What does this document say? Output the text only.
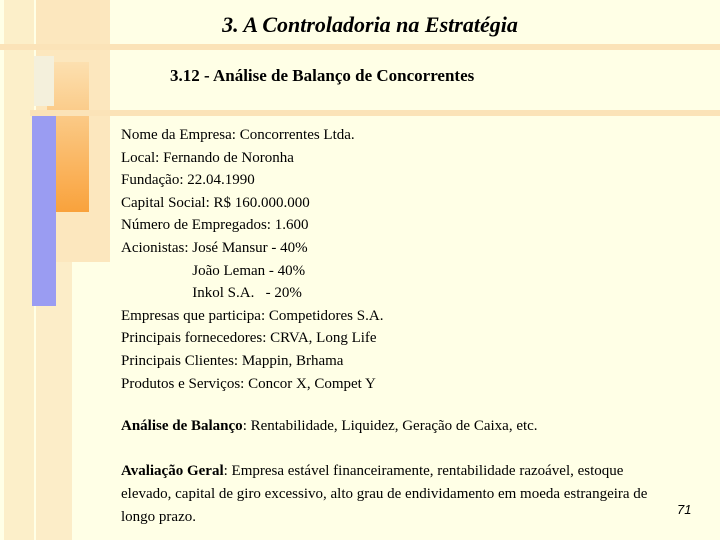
3. A Controladoria na Estratégia
3.12 - Análise de Balanço de Concorrentes
Nome da Empresa: Concorrentes Ltda.
Local: Fernando de Noronha
Fundação: 22.04.1990
Capital Social: R$ 160.000.000
Número de Empregados: 1.600
Acionistas: José Mansur - 40%
João Leman - 40%
Inkol S.A.   - 20%
Empresas que participa: Competidores S.A.
Principais fornecedores: CRVA, Long Life
Principais Clientes: Mappin, Brhama
Produtos e Serviços: Concor X, Compet Y
Análise de Balanço: Rentabilidade, Liquidez, Geração de Caixa, etc.
Avaliação Geral: Empresa estável financeiramente, rentabilidade razoável, estoque elevado, capital de giro excessivo, alto grau de endividamento em moeda estrangeira de longo prazo.	71
